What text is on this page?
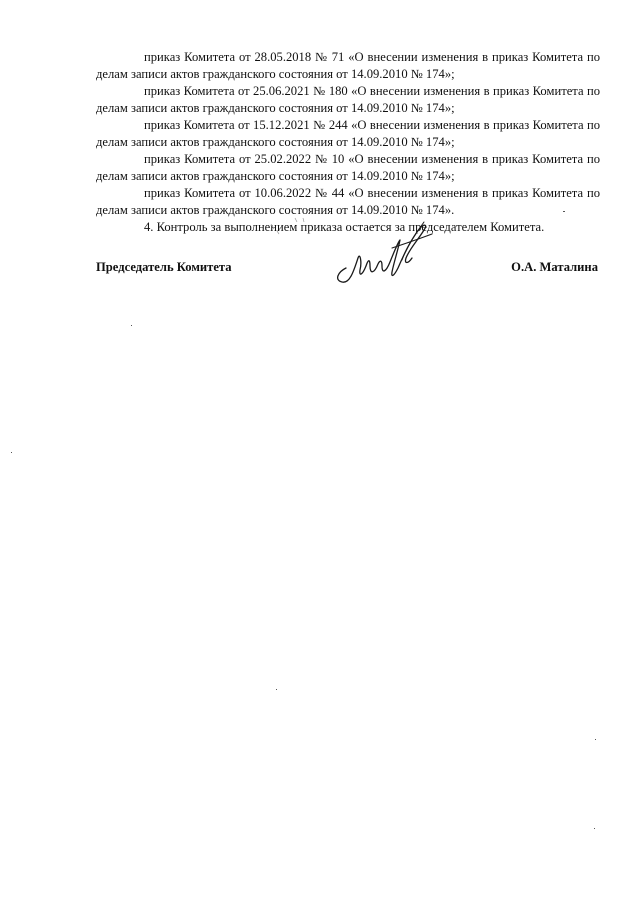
приказ Комитета от 28.05.2018 № 71 «О внесении изменения в приказ Комитета по делам записи актов гражданского состояния от 14.09.2010 № 174»;

приказ Комитета от 25.06.2021 № 180 «О внесении изменения в приказ Комитета по делам записи актов гражданского состояния от 14.09.2010 № 174»;

приказ Комитета от 15.12.2021 № 244 «О внесении изменения в приказ Комитета по делам записи актов гражданского состояния от 14.09.2010 № 174»;

приказ Комитета от 25.02.2022 № 10 «О внесении изменения в приказ Комитета по делам записи актов гражданского состояния от 14.09.2010 № 174»;

приказ Комитета от 10.06.2022 № 44 «О внесении изменения в приказ Комитета по делам записи актов гражданского состояния от 14.09.2010 № 174».

4. Контроль за выполнением приказа остается за председателем Комитета.

Председатель Комитета	О.А. Маталина
